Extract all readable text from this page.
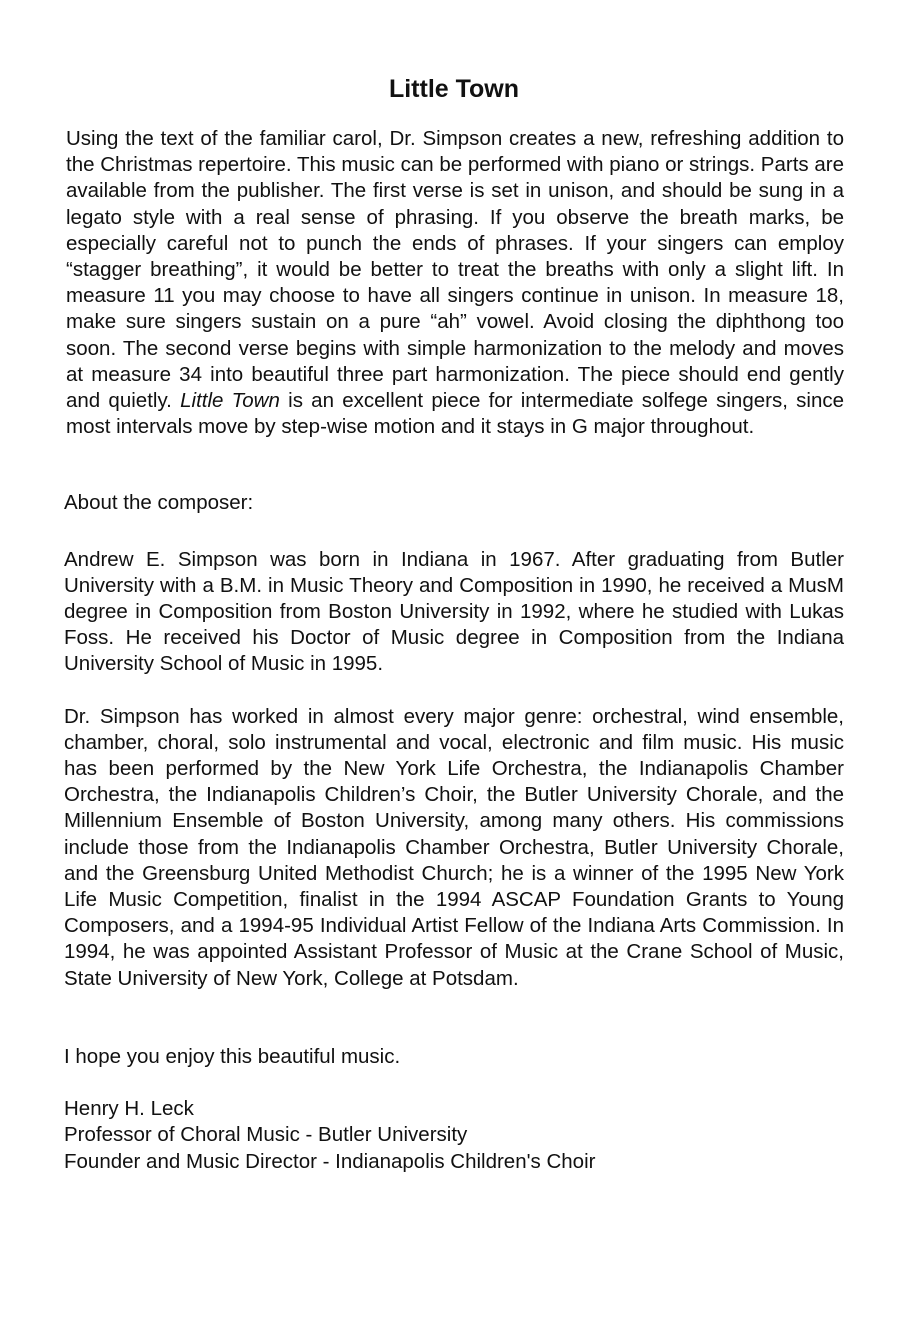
Little Town

Using the text of the familiar carol, Dr. Simpson creates a new, refreshing addition to the Christmas repertoire. This music can be performed with piano or strings. Parts are available from the publisher. The first verse is set in unison, and should be sung in a legato style with a real sense of phrasing. If you observe the breath marks, be especially careful not to punch the ends of phrases. If your singers can employ “stagger breathing”, it would be better to treat the breaths with only a slight lift. In measure 11 you may choose to have all singers continue in unison. In measure 18, make sure singers sustain on a pure “ah” vowel. Avoid closing the diphthong too soon. The second verse begins with simple harmonization to the melody and moves at measure 34 into beautiful three part harmonization. The piece should end gently and quietly. Little Town is an excellent piece for intermediate solfege singers, since most intervals move by step-wise motion and it stays in G major throughout.

About the composer:

Andrew E. Simpson was born in Indiana in 1967. After graduating from Butler University with a B.M. in Music Theory and Composition in 1990, he received a MusM degree in Composition from Boston University in 1992, where he studied with Lukas Foss. He received his Doctor of Music degree in Composition from the Indiana University School of Music in 1995.

Dr. Simpson has worked in almost every major genre: orchestral, wind ensemble, chamber, choral, solo instrumental and vocal, electronic and film music. His music has been performed by the New York Life Orchestra, the Indianapolis Chamber Orchestra, the Indianapolis Children’s Choir, the Butler University Chorale, and the Millennium Ensemble of Boston University, among many others. His commissions include those from the Indianapolis Chamber Orchestra, Butler University Chorale, and the Greensburg United Methodist Church; he is a winner of the 1995 New York Life Music Competition, finalist in the 1994 ASCAP Foundation Grants to Young Composers, and a 1994-95 Individual Artist Fellow of the Indiana Arts Commission. In 1994, he was appointed Assistant Professor of Music at the Crane School of Music, State University of New York, College at Potsdam.

I hope you enjoy this beautiful music.

Henry H. Leck
Professor of Choral Music - Butler University
Founder and Music Director - Indianapolis Children's Choir
